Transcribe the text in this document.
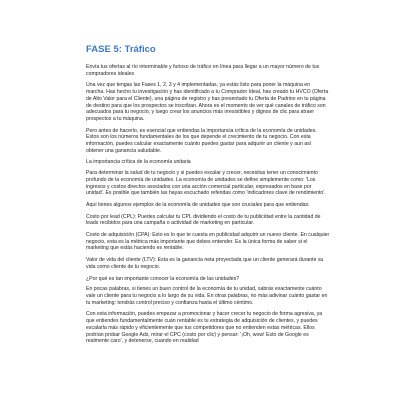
FASE 5: Tráfico

Envía tus ofertas al río interminable y furioso de tráfico en línea para llegar a un mayor número de tus compradores ideales

Una vez que tengas las Fases 1, 2, 3 y 4 implementadas, ya estás listo para poner la máquina en marcha. Has hecho tu investigación y has identificado a tu Comprador Ideal, has creado tu HVCO (Oferta de Alto Valor para el Cliente), una página de registro y has presentado tu Oferta de Padrino en tu página de destino para que los prospectos se inscriban. Ahora es el momento de ver qué canales de tráfico son adecuados para tu negocio, y luego crear los anuncios más irresistibles y dignos de clic para atraer prospectos a tu máquina.

Pero antes de hacerlo, es esencial que entiendas la importancia crítica de la economía de unidades. Estos son los números fundamentales de los que depende el crecimiento de tu negocio. Con esta información, puedes calcular exactamente cuánto puedes gastar para adquirir un cliente y aun así obtener una ganancia saludable.

La importancia crítica de la economía unitaria

Para determinar la salud de tu negocio y si puedes escalar y crecer, necesitas tener un conocimiento profundo de la economía de unidades. La economía de unidades se define simplemente como: 'Los ingresos y costos directos asociados con una acción comercial particular, expresados en base por unidad'. Es posible que también las hayas escuchado referidas como 'indicadores clave de rendimiento'.

Aquí tienes algunos ejemplos de la economía de unidades que son cruciales para que entiendas:

Costo por lead (CPL): Puedes calcular tu CPL dividiendo el costo de tu publicidad entre la cantidad de leads recibidos para una campaña o actividad de marketing en particular.

Costo de adquisición (CPA): Esto es lo que te cuesta en publicidad adquirir un nuevo cliente. En cualquier negocio, esta es la métrica más importante que debes entender. Es la única forma de saber si el marketing que estás haciendo es rentable.

Valor de vida del cliente (LTV): Esta es la ganancia neta proyectada que un cliente generará durante su vida como cliente de tu negocio.

¿Por qué es tan importante conocer la economía de las unidades?

En pocas palabras, si tienes un buen control de la economía de tu unidad, sabrás exactamente cuánto vale un cliente para tu negocio a lo largo de su vida. En otras palabras, no más adivinar cuánto gastar en tu marketing: tendrás control preciso y confianza hasta el último céntimo.

Con esta información, puedes empezar a promocionar y hacer crecer tu negocio de forma agresiva, ya que entiendes fundamentalmente cuán rentable es tu estrategia de adquisición de clientes, y puedes escalarla más rápido y eficientemente que tus competidores que no entienden estas métricas. Ellos podrían probar Google Ads, mirar el CPC (costo por clic) y pensar: '¡Oh, wow! Esto de Google es realmente caro', y detenerse, cuando en realidad
